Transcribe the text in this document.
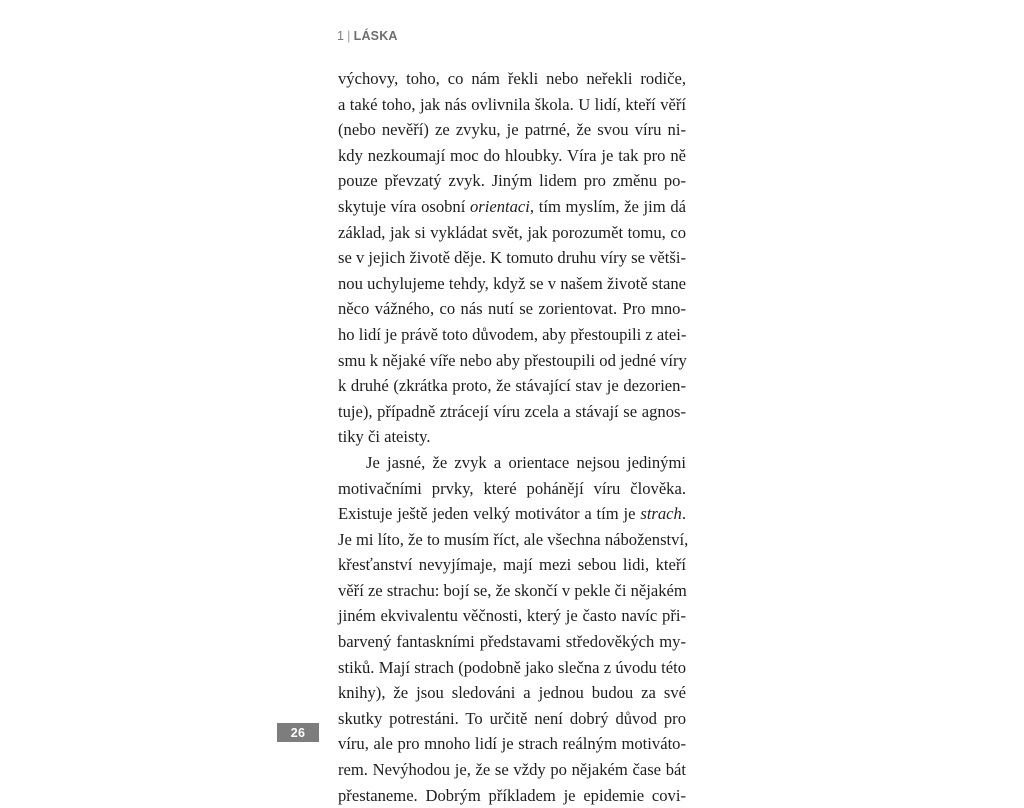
1 | LÁSKA
výchovy, toho, co nám řekli nebo neřekli rodiče,
a také toho, jak nás ovlivnila škola. U lidí, kteří věří
(nebo nevěří) ze zvyku, je patrné, že svou víru ni-
kdy nezkoumají moc do hloubky. Víra je tak pro ně
pouze převzatý zvyk. Jiným lidem pro změnu po-
skytuje víra osobní orientaci, tím myslím, že jim dá
základ, jak si vykládat svět, jak porozumět tomu, co
se v jejich životě děje. K tomuto druhu víry se větši-
nou uchylujeme tehdy, když se v našem životě stane
něco vážného, co nás nutí se zorientovat. Pro mno-
ho lidí je právě toto důvodem, aby přestoupili z atei-
smu k nějaké víře nebo aby přestoupili od jedné víry
k druhé (zkrátka proto, že stávající stav je dezorien-
tuje), případně ztrácejí víru zcela a stávají se agnos-
tiky či ateisty.
Je jasné, že zvyk a orientace nejsou jedinými
motivačními prvky, které pohánějí víru člověka.
Existuje ještě jeden velký motivátor a tím je strach.
Je mi líto, že to musím říct, ale všechna náboženství,
křesťanství nevyjímaje, mají mezi sebou lidi, kteří
věří ze strachu: bojí se, že skončí v pekle či nějakém
jiném ekvivalentu věčnosti, který je často navíc při-
barvený fantaskními představami středověkých my-
stiků. Mají strach (podobně jako slečna z úvodu této
knihy), že jsou sledováni a jednou budou za své
skutky potrestáni. To určitě není dobrý důvod pro
víru, ale pro mnoho lidí je strach reálným motiváto-
rem. Nevýhodou je, že se vždy po nějakém čase bát
přestaneme. Dobrým příkladem je epidemie covi-
26
